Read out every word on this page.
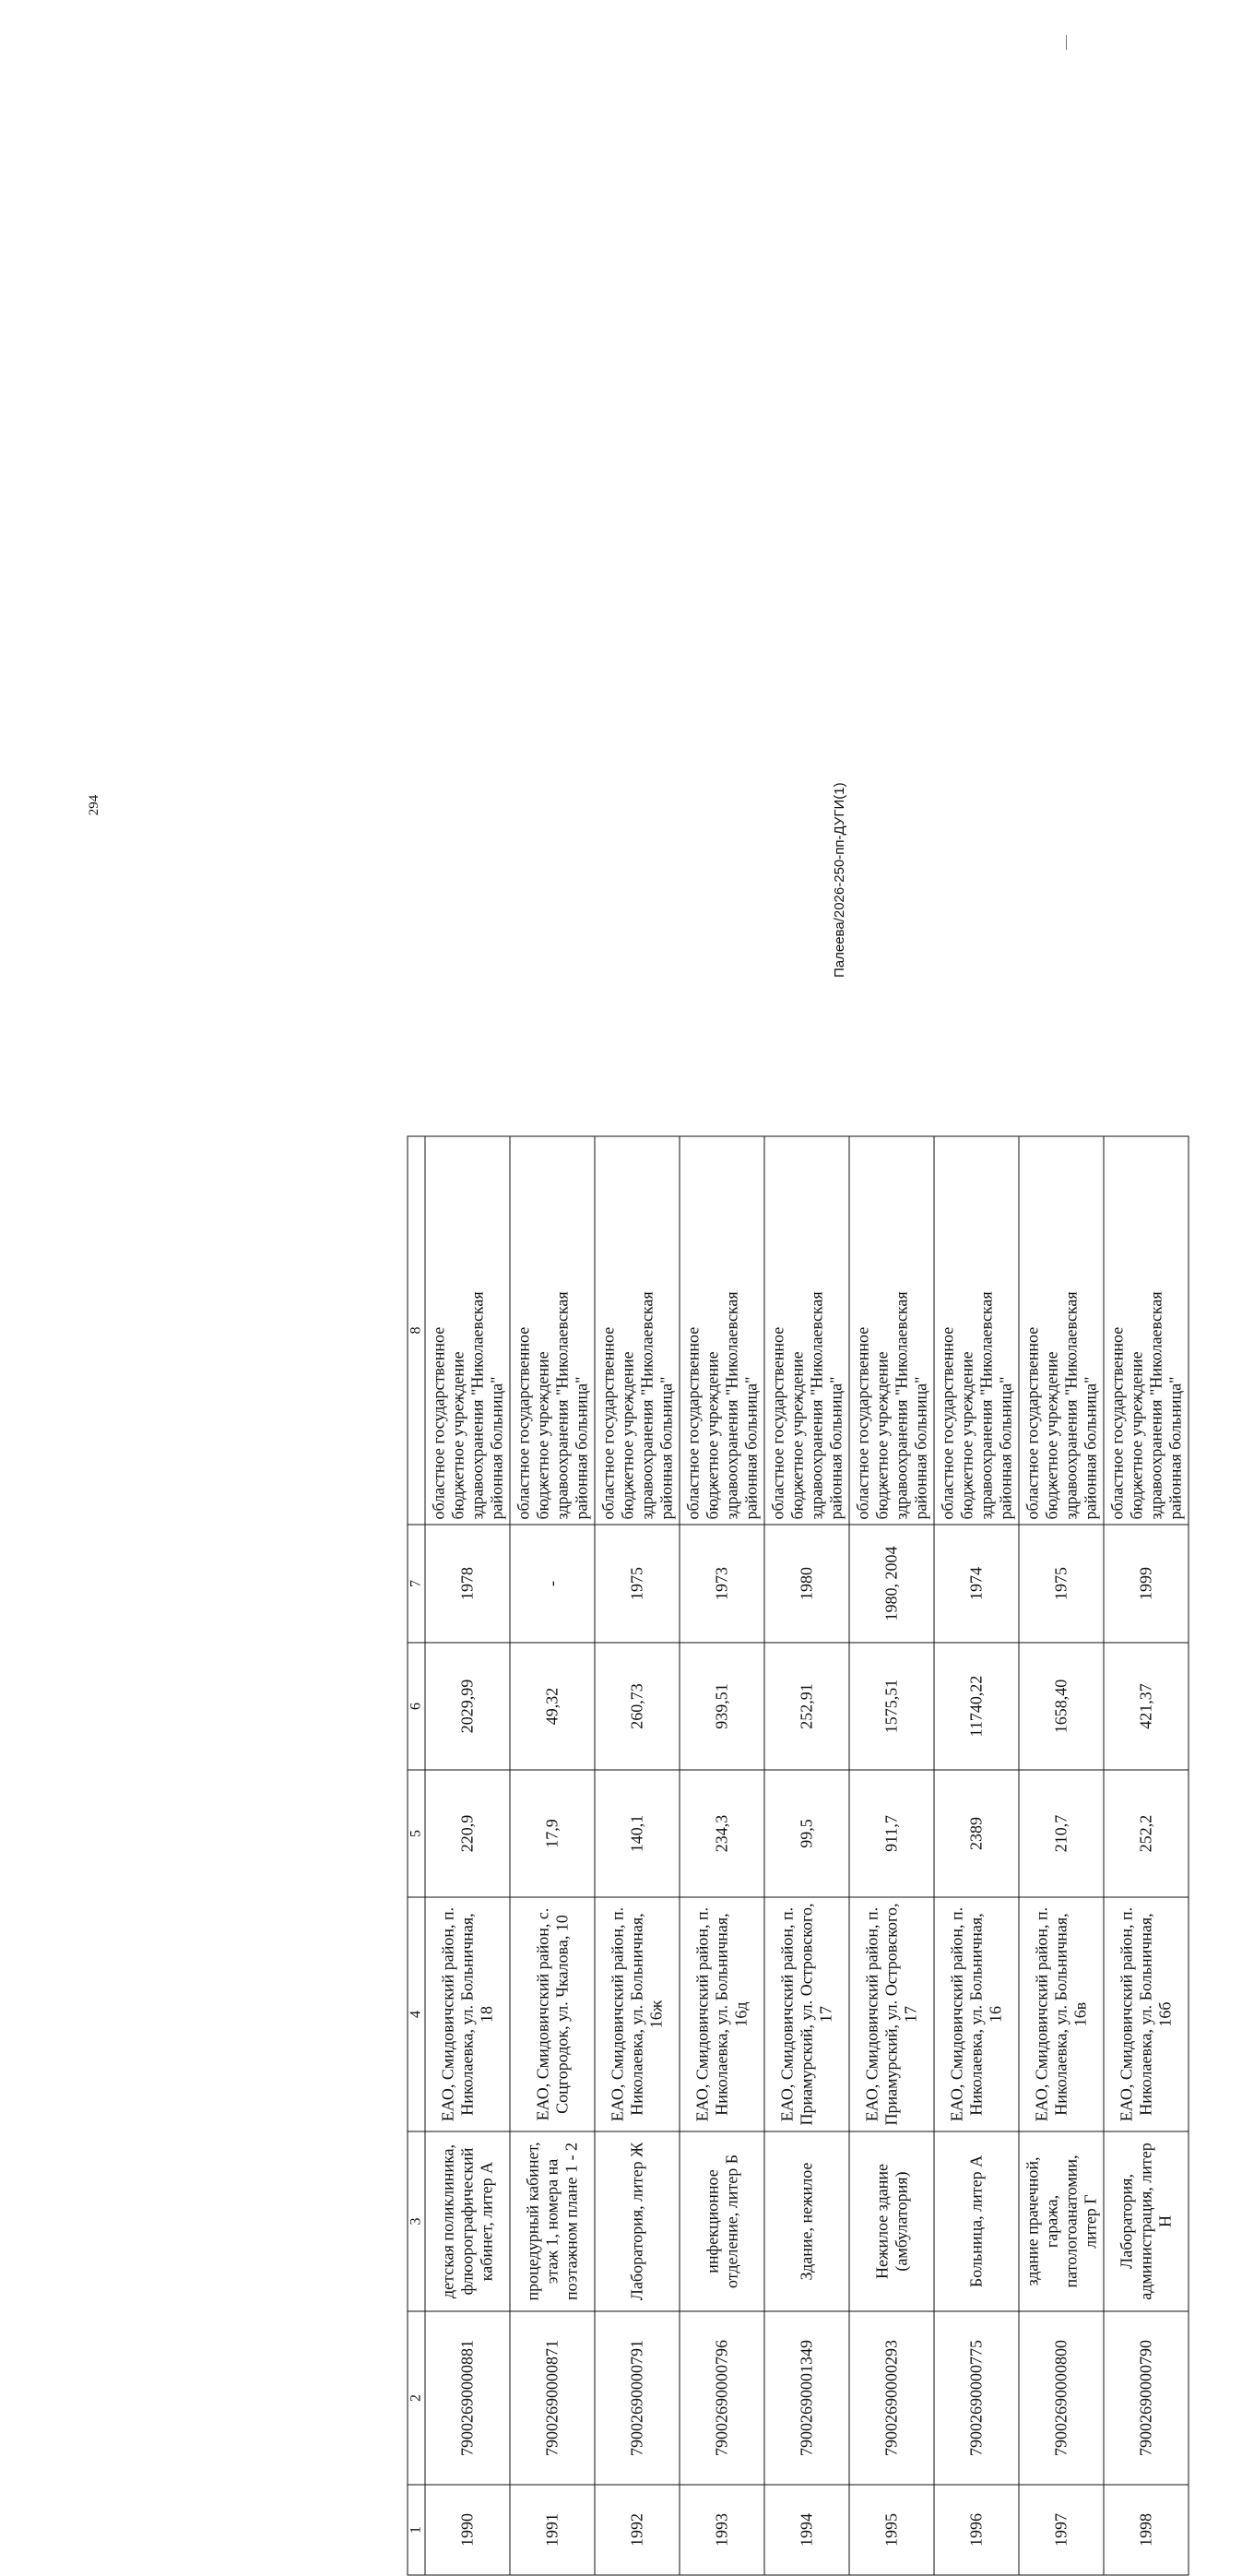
294	Палеева/2026-250-пп-ДУГИ(1)
1	2	3	4	5	6	7	8
1990	79002690000881	детская поликлиника, флюорографический кабинет, литер А	ЕАО, Смидовичский район, п. Николаевка, ул. Больничная, 18	220,9	2029,99	1978	областное государственное бюджетное учреждение здравоохранения "Николаевская районная больница"

1991	79002690000871	процедурный кабинет, этаж 1, номера на поэтажном плане 1 - 2	ЕАО, Смидовичский район, с. Соцгородок, ул. Чкалова, 10	17,9	49,32	-	областное государственное бюджетное учреждение здравоохранения "Николаевская районная больница"

1992	79002690000791	Лаборатория, литер Ж	ЕАО, Смидовичский район, п. Николаевка, ул. Больничная, 16ж	140,1	260,73	1975	областное государственное бюджетное учреждение здравоохранения "Николаевская районная больница"

1993	79002690000796	инфекционное отделение, литер Б	ЕАО, Смидовичский район, п. Николаевка, ул. Больничная, 16д	234,3	939,51	1973	областное государственное бюджетное учреждение здравоохранения "Николаевская районная больница"

1994	79002690001349	Здание, нежилое	ЕАО, Смидовичский район, п. Приамурский, ул. Островского, 17	99,5	252,91	1980	областное государственное бюджетное учреждение здравоохранения "Николаевская районная больница"

1995	79002690000293	Нежилое здание (амбулатория)	ЕАО, Смидовичский район, п. Приамурский, ул. Островского, 17	911,7	1575,51	1980, 2004	областное государственное бюджетное учреждение здравоохранения "Николаевская районная больница"

1996	79002690000775	Больница, литер А	ЕАО, Смидовичский район, п. Николаевка, ул. Больничная, 16	2389	11740,22	1974	областное государственное бюджетное учреждение здравоохранения "Николаевская районная больница"

1997	79002690000800	здание прачечной, гаража, патологоанатомии, литер Г	ЕАО, Смидовичский район, п. Николаевка, ул. Больничная, 16в	210,7	1658,40	1975	областное государственное бюджетное учреждение здравоохранения "Николаевская районная больница"

1998	79002690000790	Лаборатория, администрация, литер Н	ЕАО, Смидовичский район, п. Николаевка, ул. Больничная, 16б	252,2	421,37	1999	областное государственное бюджетное учреждение здравоохранения "Николаевская районная больница"
